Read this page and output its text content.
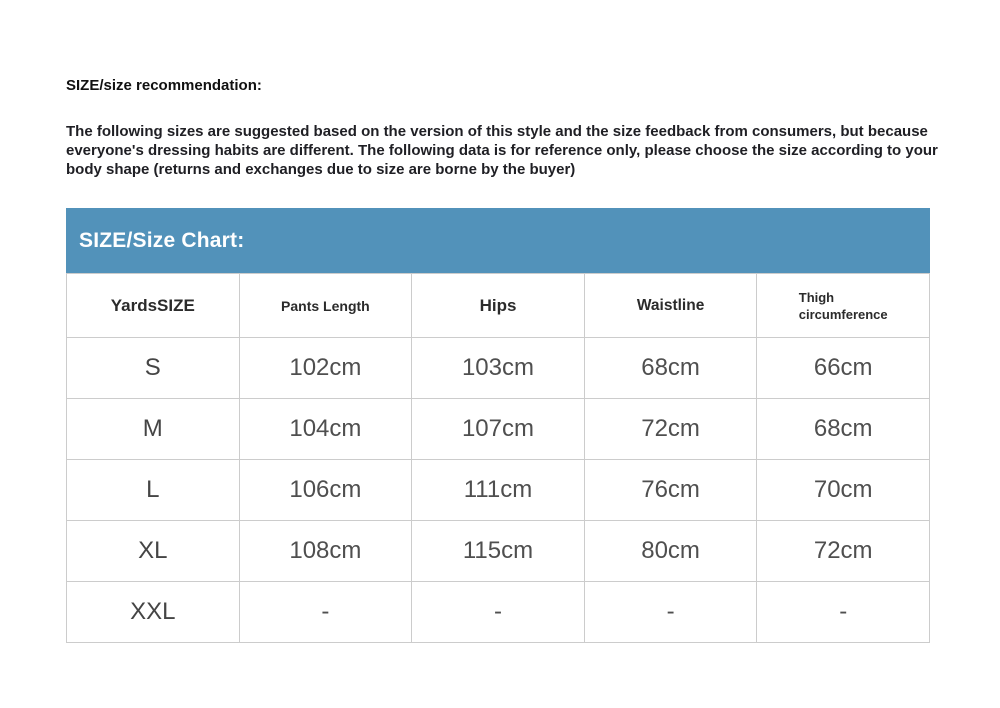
SIZE/size recommendation:

The following sizes are suggested based on the version of this style and the size feedback from consumers, but because everyone's dressing habits are different. The following data is for reference only, please choose the size according to your body shape (returns and exchanges due to size are borne by the buyer)

SIZE/Size Chart:
YardsSIZE	Pants Length	Hips	Waistline	Thigh circumference
S	102cm	103cm	68cm	66cm
M	104cm	107cm	72cm	68cm
L	106cm	111cm	76cm	70cm
XL	108cm	115cm	80cm	72cm
XXL	-	-	-	-
